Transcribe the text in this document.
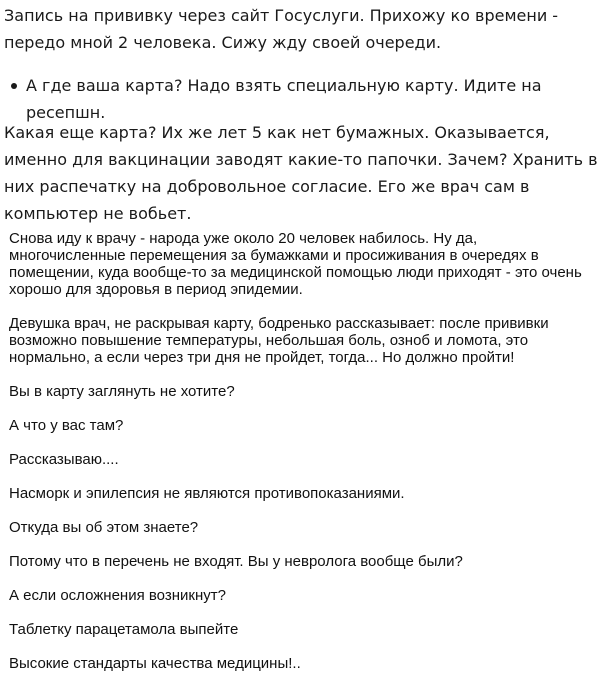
Запись на прививку через сайт Госуслуги. Прихожу ко времени - передо мной 2 человека. Сижу жду своей очереди.

А где ваша карта? Надо взять специальную карту. Идите на ресепшн.

Какая еще карта? Их же лет 5 как нет бумажных. Оказывается, именно для вакцинации заводят какие-то папочки. Зачем? Хранить в них распечатку на добровольное согласие. Его же врач сам в компьютер не вобьет.

Снова иду к врачу - народа уже около 20 человек набилось. Ну да, многочисленные перемещения за бумажками и просиживания в очередях в помещении, куда вообще-то за медицинской помощью люди приходят - это очень хорошо для здоровья в период эпидемии.

Девушка врач, не раскрывая карту, бодренько рассказывает: после прививки возможно повышение температуры, небольшая боль, озноб и ломота, это нормально, а если через три дня не пройдет, тогда... Но должно пройти!

Вы в карту заглянуть не хотите?

А что у вас там?

Рассказываю....

Насморк и эпилепсия не являются противопоказаниями.

Откуда вы об этом знаете?

Потому что в перечень не входят. Вы у невролога вообще были?

А если осложнения возникнут?

Таблетку парацетамола выпейте

Высокие стандарты качества медицины!..
